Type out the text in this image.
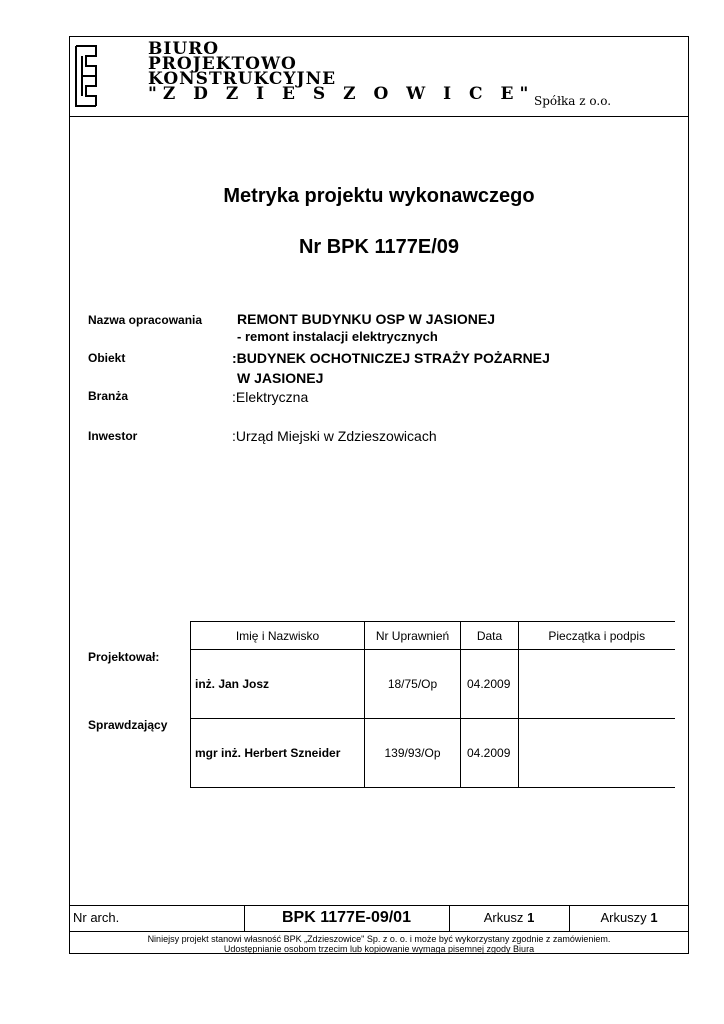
BIURO
PROJEKTOWO
KONSTRUKCYJNE
"Z D Z I E S Z O W I C E" Spółka z o.o.
Metryka projektu wykonawczego
Nr BPK 1177E/09
Nazwa opracowania REMONT BUDYNKU OSP W JASIONEJ
- remont instalacji elektrycznych
Obiekt	:BUDYNEK OCHOTNICZEJ STRAŻY POŻARNEJ
W JASIONEJ
Branża	:Elektryczna
Inwestor	:Urząd Miejski w Zdzieszowicach
Projektował:
Sprawdzający
Imię i Nazwisko	Nr Uprawnień	Data	Pieczątka i podpis
inż. Jan Josz	18/75/Op	04.2009	
mgr inż. Herbert Szneider	139/93/Op	04.2009	
Nr arch.	BPK 1177E-09/01	Arkusz 1	Arkuszy 1
Niniejsy projekt stanowi własność BPK „Zdzieszowice" Sp. z o. o. i może być wykorzystany zgodnie z zamówieniem.
Udostępnianie osobom trzecim lub kopiowanie wymaga pisemnej zgody Biura
